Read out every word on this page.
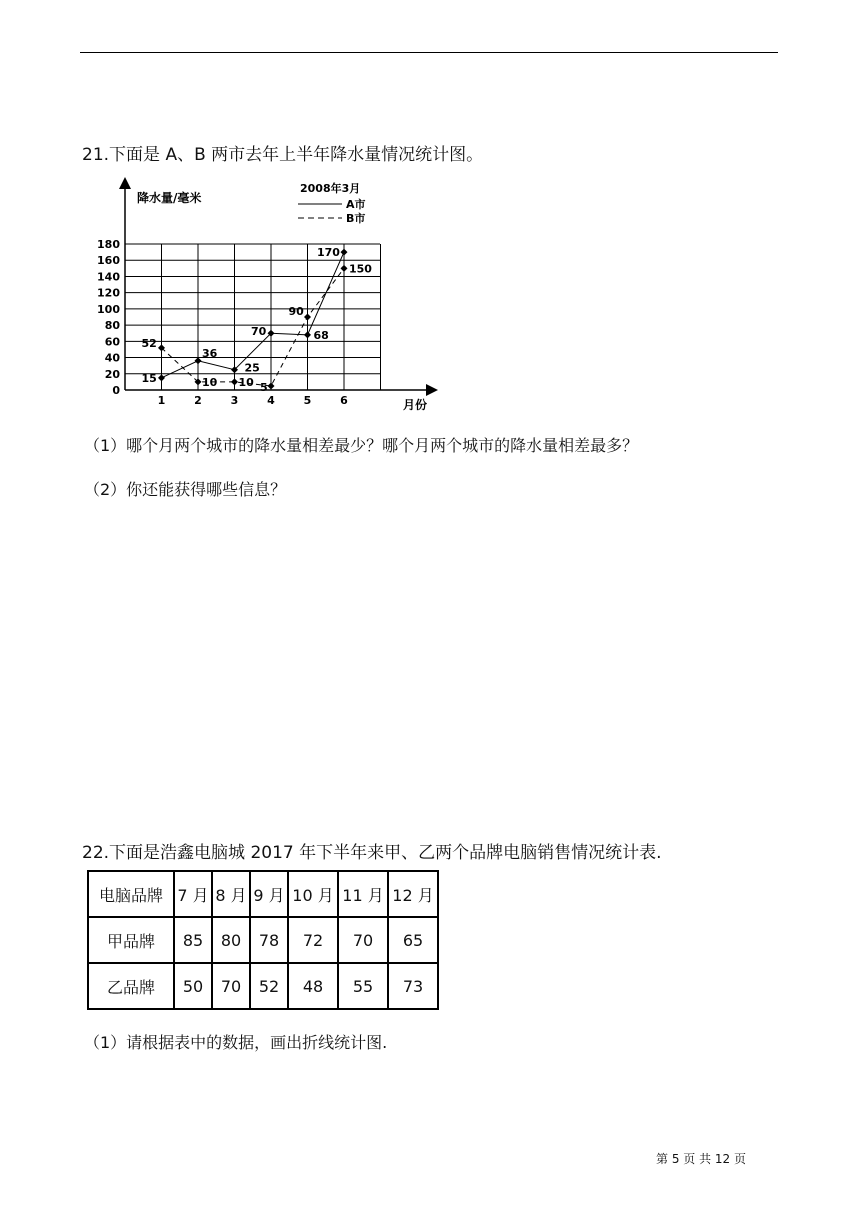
21.下面是 A、B 两市去年上半年降水量情况统计图。
降水量/毫米
月份
2008年3月
A市
B市
0
20
40
60
80
100
120
140
160
180
1	2	3	4	5	6
15
36
25
70	68
170
52
10 10 5
90
150
（1）哪个月两个城市的降水量相差最少？哪个月两个城市的降水量相差最多？
（2）你还能获得哪些信息？
22.下面是浩鑫电脑城 2017 年下半年来甲、乙两个品牌电脑销售情况统计表.
电脑品牌	7 月	8 月	9 月	10 月	11 月	12 月
甲品牌	85	80	78	72	70	65
乙品牌	50	70	52	48	55	73
（1）请根据表中的数据，画出折线统计图.
第 5 页 共 12 页
